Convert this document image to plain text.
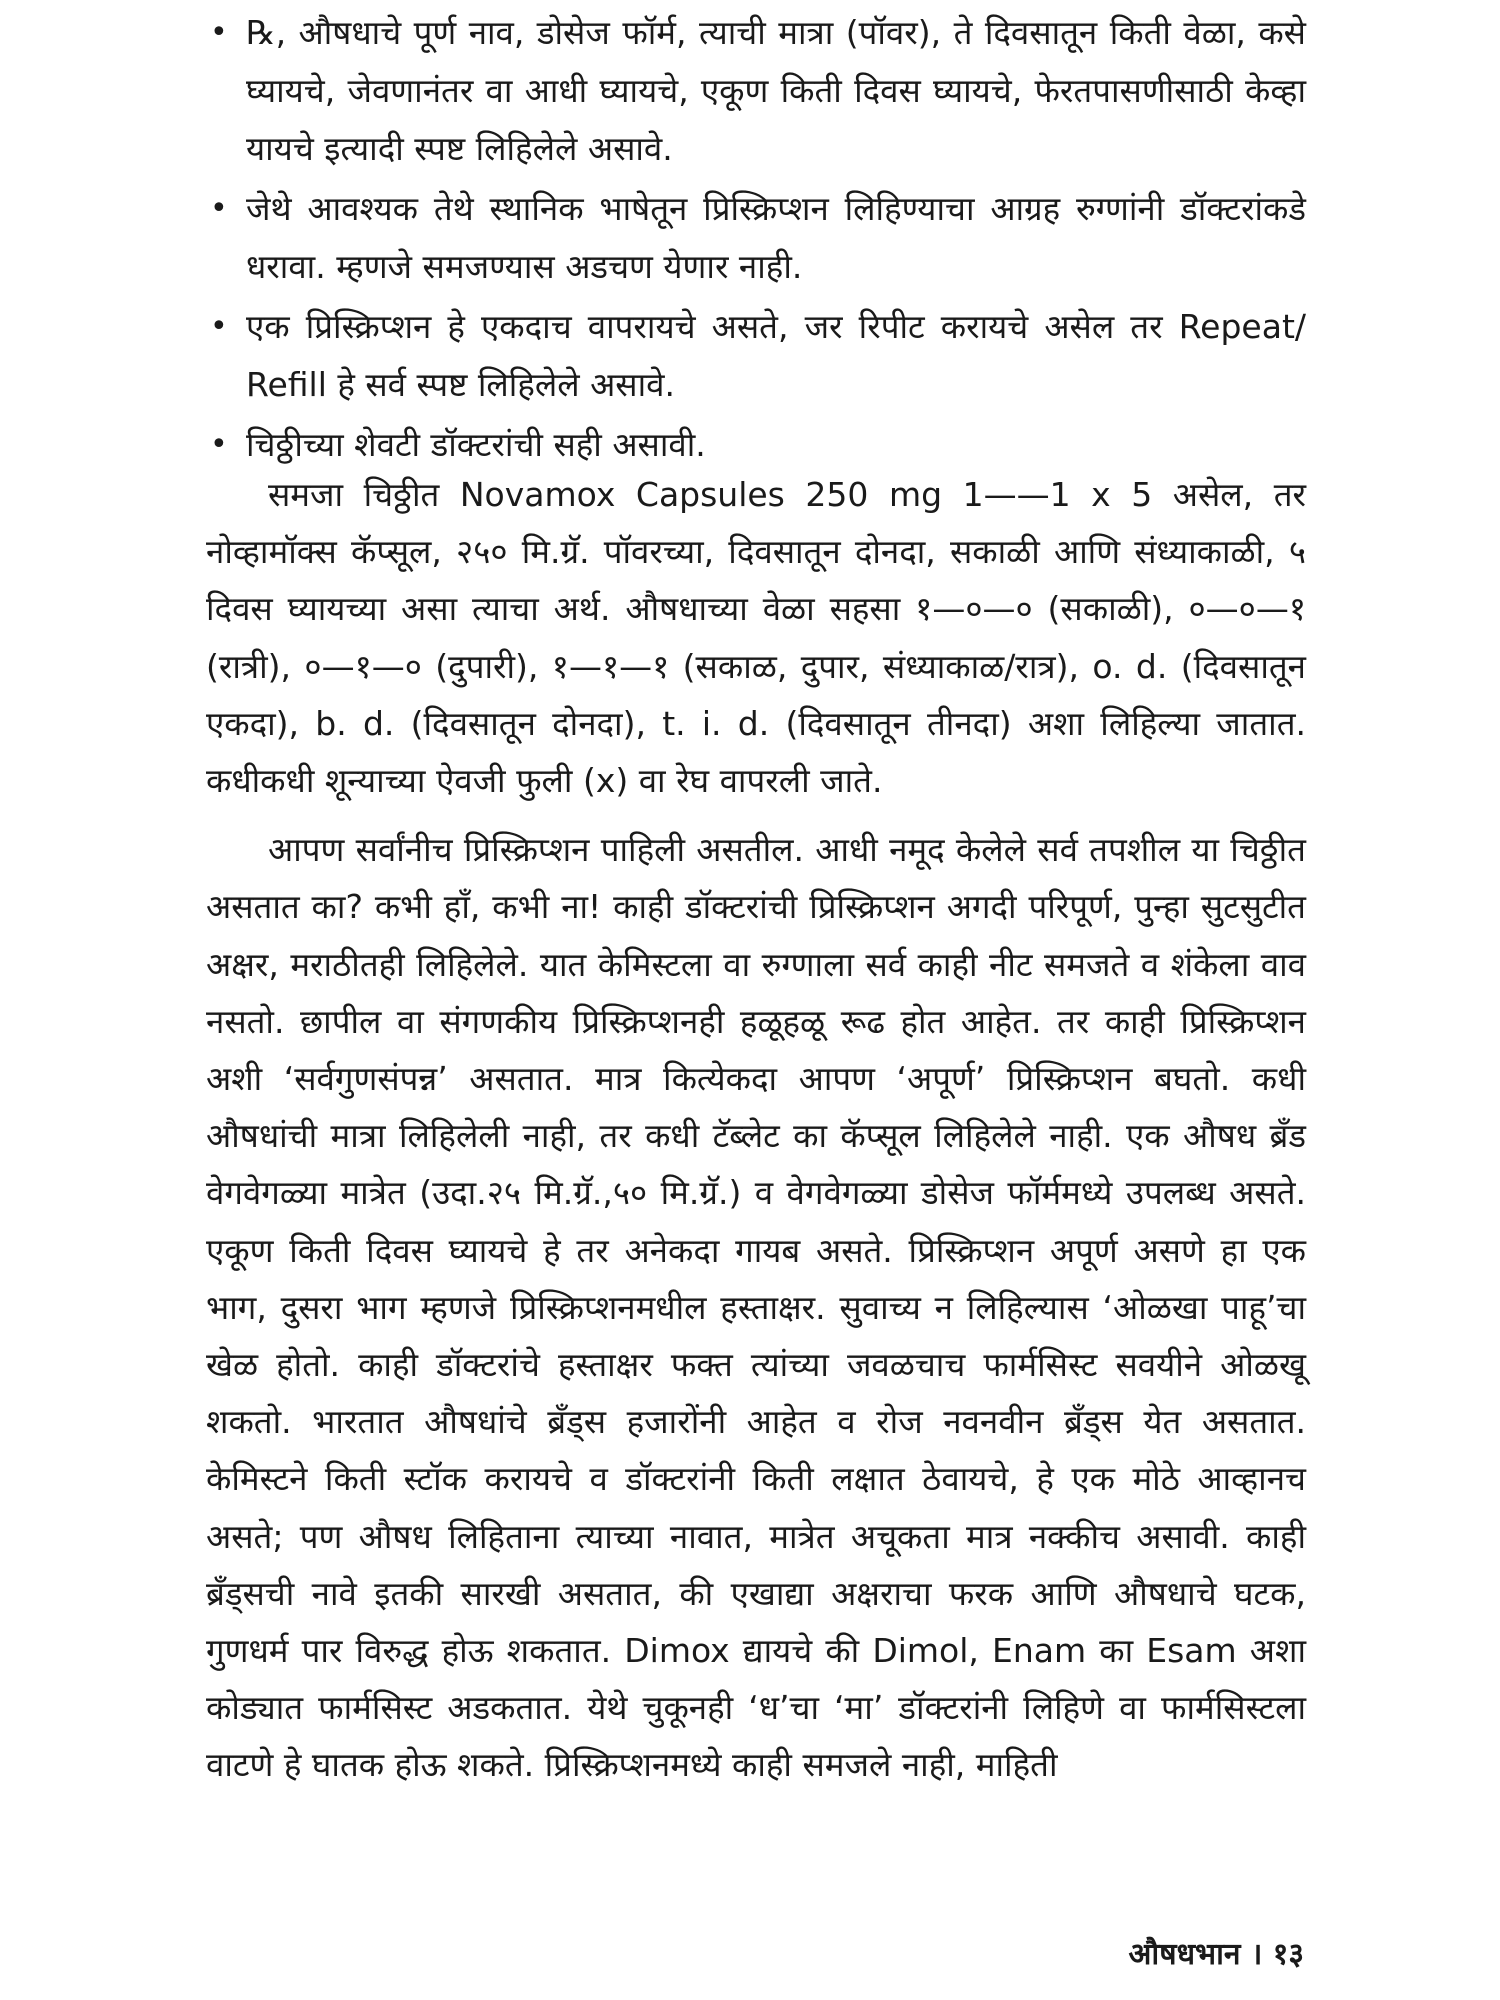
• ℞, औषधाचे पूर्ण नाव, डोसेज फॉर्म, त्याची मात्रा (पॉवर), ते दिवसातून किती वेळा, कसे घ्यायचे, जेवणानंतर वा आधी घ्यायचे, एकूण किती दिवस घ्यायचे, फेरतपासणीसाठी केव्हा यायचे इत्यादी स्पष्ट लिहिलेले असावे.
• जेथे आवश्यक तेथे स्थानिक भाषेतून प्रिस्क्रिप्शन लिहिण्याचा आग्रह रुग्णांनी डॉक्टरांकडे धरावा. म्हणजे समजण्यास अडचण येणार नाही.
• एक प्रिस्क्रिप्शन हे एकदाच वापरायचे असते, जर रिपीट करायचे असेल तर Repeat/ Refill हे सर्व स्पष्ट लिहिलेले असावे.
• चिठ्ठीच्या शेवटी डॉक्टरांची सही असावी.

समजा चिठ्ठीत Novamox Capsules 250 mg 1——1 x 5 असेल, तर नोव्हामॉक्स कॅप्सूल, २५० मि.ग्रॅ. पॉवरच्या, दिवसातून दोनदा, सकाळी आणि संध्याकाळी, ५ दिवस घ्यायच्या असा त्याचा अर्थ. औषधाच्या वेळा सहसा १—०—० (सकाळी), ०—०—१ (रात्री), ०—१—० (दुपारी), १—१—१ (सकाळ, दुपार, संध्याकाळ/रात्र), o. d. (दिवसातून एकदा), b. d. (दिवसातून दोनदा), t. i. d. (दिवसातून तीनदा) अशा लिहिल्या जातात. कधीकधी शून्याच्या ऐवजी फुली (x) वा रेघ वापरली जाते.

आपण सर्वांनीच प्रिस्क्रिप्शन पाहिली असतील. आधी नमूद केलेले सर्व तपशील या चिठ्ठीत असतात का? कभी हाँ, कभी ना! काही डॉक्टरांची प्रिस्क्रिप्शन अगदी परिपूर्ण, पुन्हा सुटसुटीत अक्षर, मराठीतही लिहिलेले. यात केमिस्टला वा रुग्णाला सर्व काही नीट समजते व शंकेला वाव नसतो. छापील वा संगणकीय प्रिस्क्रिप्शनही हळूहळू रूढ होत आहेत. तर काही प्रिस्क्रिप्शन अशी ‘सर्वगुणसंपन्न’ असतात. मात्र कित्येकदा आपण ‘अपूर्ण’ प्रिस्क्रिप्शन बघतो. कधी औषधांची मात्रा लिहिलेली नाही, तर कधी टॅब्लेट का कॅप्सूल लिहिलेले नाही. एक औषध ब्रँड वेगवेगळ्या मात्रेत (उदा.२५ मि.ग्रॅ.,५० मि.ग्रॅ.) व वेगवेगळ्या डोसेज फॉर्ममध्ये उपलब्ध असते. एकूण किती दिवस घ्यायचे हे तर अनेकदा गायब असते. प्रिस्क्रिप्शन अपूर्ण असणे हा एक भाग, दुसरा भाग म्हणजे प्रिस्क्रिप्शनमधील हस्ताक्षर. सुवाच्य न लिहिल्यास ‘ओळखा पाहू’चा खेळ होतो. काही डॉक्टरांचे हस्ताक्षर फक्त त्यांच्या जवळचाच फार्मसिस्ट सवयीने ओळखू शकतो. भारतात औषधांचे ब्रँड्स हजारोंनी आहेत व रोज नवनवीन ब्रँड्स येत असतात. केमिस्टने किती स्टॉक करायचे व डॉक्टरांनी किती लक्षात ठेवायचे, हे एक मोठे आव्हानच असते; पण औषध लिहिताना त्याच्या नावात, मात्रेत अचूकता मात्र नक्कीच असावी. काही ब्रँड्सची नावे इतकी सारखी असतात, की एखाद्या अक्षराचा फरक आणि औषधाचे घटक, गुणधर्म पार विरुद्ध होऊ शकतात. Dimox द्यायचे की Dimol, Enam का Esam अशा कोड्यात फार्मसिस्ट अडकतात. येथे चुकूनही ‘ध’चा ‘मा’ डॉक्टरांनी लिहिणे वा फार्मसिस्टला वाटणे हे घातक होऊ शकते. प्रिस्क्रिप्शनमध्ये काही समजले नाही, माहिती

औषधभान । १३
